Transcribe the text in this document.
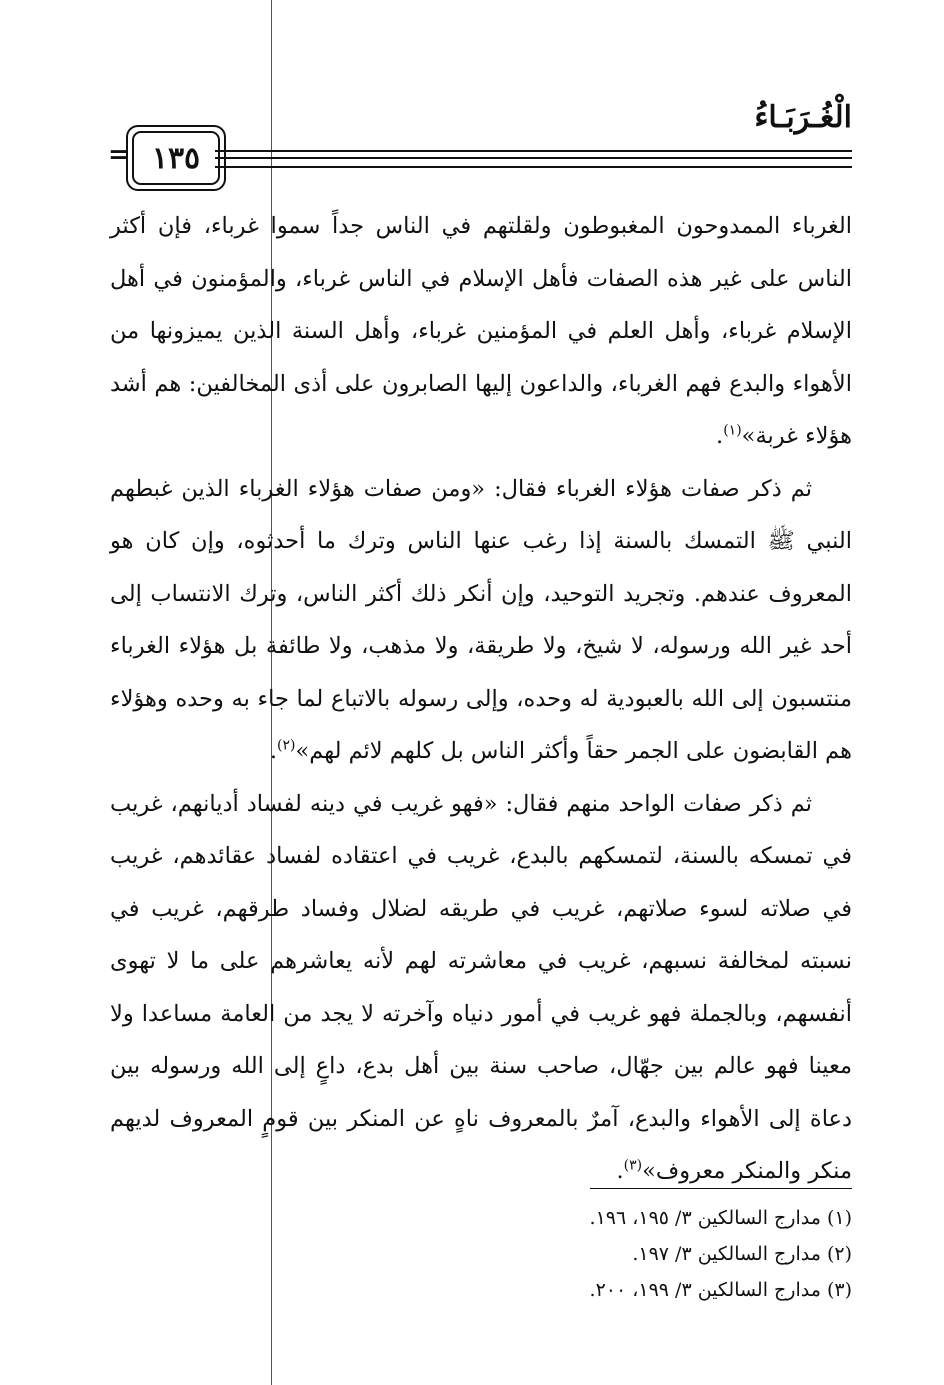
الْغُـرَبَـاءُ
= ١٣٥

الغرباء الممدوحون المغبوطون ولقلتهم في الناس جداً سموا غرباء، فإن أكثر الناس على غير هذه الصفات فأهل الإسلام في الناس غرباء، والمؤمنون في أهل الإسلام غرباء، وأهل العلم في المؤمنين غرباء، وأهل السنة الذين يميزونها من الأهواء والبدع فهم الغرباء، والداعون إليها الصابرون على أذى المخالفين: هم أشد هؤلاء غربة»$^{(١)}$.

ثم ذكر صفات هؤلاء الغرباء فقال: «ومن صفات هؤلاء الغرباء الذين غبطهم النبي ﷺ التمسك بالسنة إذا رغب عنها الناس وترك ما أحدثوه، وإن كان هو المعروف عندهم. وتجريد التوحيد، وإن أنكر ذلك أكثر الناس، وترك الانتساب إلى أحد غير الله ورسوله، لا شيخ، ولا طريقة، ولا مذهب، ولا طائفة بل هؤلاء الغرباء منتسبون إلى الله بالعبودية له وحده، وإلى رسوله بالاتباع لما جاء به وحده وهؤلاء هم القابضون على الجمر حقاً وأكثر الناس بل كلهم لائم لهم»$^{(٢)}$.

ثم ذكر صفات الواحد منهم فقال: «فهو غريب في دينه لفساد أديانهم، غريب في تمسكه بالسنة، لتمسكهم بالبدع، غريب في اعتقاده لفساد عقائدهم، غريب في صلاته لسوء صلاتهم، غريب في طريقه لضلال وفساد طرقهم، غريب في نسبته لمخالفة نسبهم، غريب في معاشرته لهم لأنه يعاشرهم على ما لا تهوى أنفسهم، وبالجملة فهو غريب في أمور دنياه وآخرته لا يجد من العامة مساعدا ولا معينا فهو عالم بين جهّال، صاحب سنة بين أهل بدع، داعٍ إلى الله ورسوله بين دعاة إلى الأهواء والبدع، آمرٌ بالمعروف ناهٍ عن المنكر بين قومٍ المعروف لديهم منكر والمنكر معروف»$^{(٣)}$.

(١) مدارج السالكين ٣/ ١٩٥، ١٩٦.

(٢) مدارج السالكين ٣/ ١٩٧.

(٣) مدارج السالكين ٣/ ١٩٩، ٢٠٠.
